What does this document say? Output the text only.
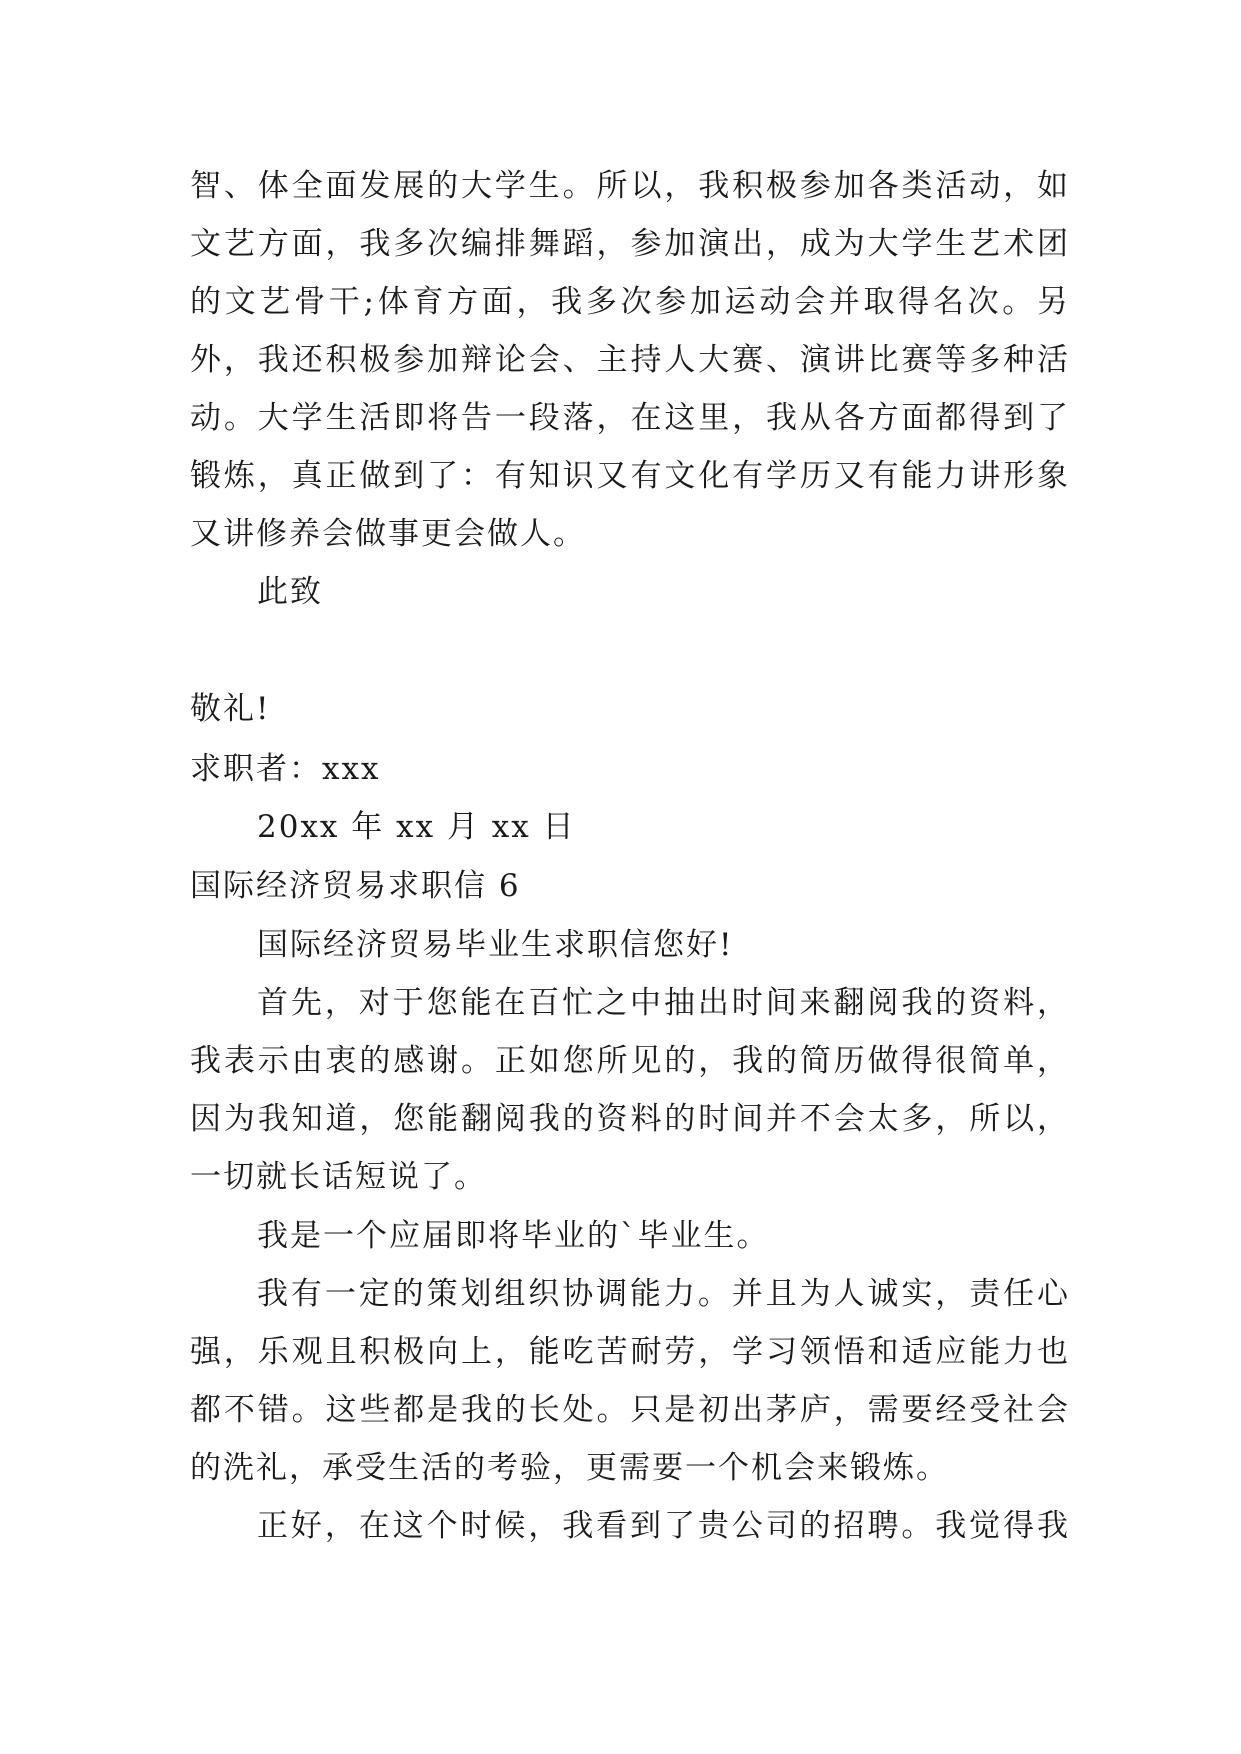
智、体全面发展的大学生。所以，我积极参加各类活动，如
文艺方面，我多次编排舞蹈，参加演出，成为大学生艺术团
的文艺骨干;体育方面，我多次参加运动会并取得名次。另
外，我还积极参加辩论会、主持人大赛、演讲比赛等多种活
动。大学生活即将告一段落，在这里，我从各方面都得到了
锻炼，真正做到了：有知识又有文化有学历又有能力讲形象
又讲修养会做事更会做人。
此致
敬礼!
求职者：xxx
20xx 年 xx 月 xx 日
国际经济贸易求职信 6
国际经济贸易毕业生求职信您好!
首先，对于您能在百忙之中抽出时间来翻阅我的资料，
我表示由衷的感谢。正如您所见的，我的简历做得很简单，
因为我知道，您能翻阅我的资料的时间并不会太多，所以，
一切就长话短说了。
我是一个应届即将毕业的`毕业生。
我有一定的策划组织协调能力。并且为人诚实，责任心
强，乐观且积极向上，能吃苦耐劳，学习领悟和适应能力也
都不错。这些都是我的长处。只是初出茅庐，需要经受社会
的洗礼，承受生活的考验，更需要一个机会来锻炼。
正好，在这个时候，我看到了贵公司的招聘。我觉得我
